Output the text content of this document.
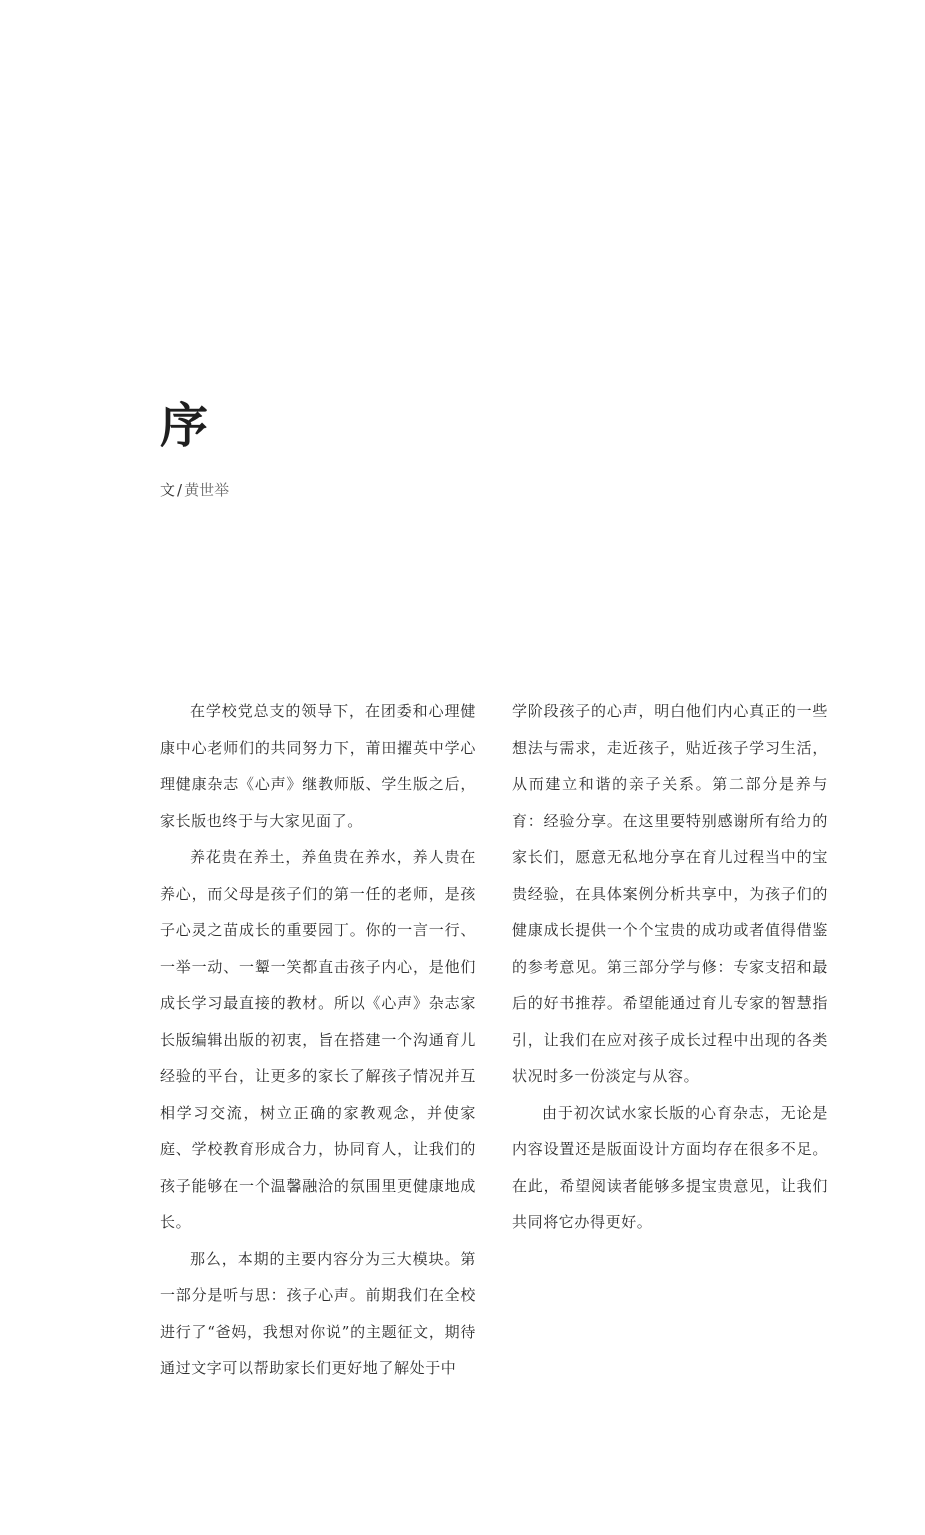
序
文 / 黄世举

在学校党总支的领导下，在团委和心理健康中心老师们的共同努力下，莆田擢英中学心理健康杂志《心声》继教师版、学生版之后，家长版也终于与大家见面了。

养花贵在养土，养鱼贵在养水，养人贵在养心，而父母是孩子们的第一任的老师，是孩子心灵之苗成长的重要园丁。你的一言一行、一举一动、一颦一笑都直击孩子内心，是他们成长学习最直接的教材。所以《心声》杂志家长版编辑出版的初衷，旨在搭建一个沟通育儿经验的平台，让更多的家长了解孩子情况并互相学习交流，树立正确的家教观念，并使家庭、学校教育形成合力，协同育人，让我们的孩子能够在一个温馨融洽的氛围里更健康地成长。

那么，本期的主要内容分为三大模块。第一部分是听与思：孩子心声。前期我们在全校进行了“爸妈，我想对你说”的主题征文，期待通过文字可以帮助家长们更好地了解处于中

学阶段孩子的心声，明白他们内心真正的一些想法与需求，走近孩子，贴近孩子学习生活，从而建立和谐的亲子关系。第二部分是养与育：经验分享。在这里要特别感谢所有给力的家长们，愿意无私地分享在育儿过程当中的宝贵经验，在具体案例分析共享中，为孩子们的健康成长提供一个个宝贵的成功或者值得借鉴的参考意见。第三部分学与修：专家支招和最后的好书推荐。希望能通过育儿专家的智慧指引，让我们在应对孩子成长过程中出现的各类状况时多一份淡定与从容。

由于初次试水家长版的心育杂志，无论是内容设置还是版面设计方面均存在很多不足。在此，希望阅读者能够多提宝贵意见，让我们共同将它办得更好。
